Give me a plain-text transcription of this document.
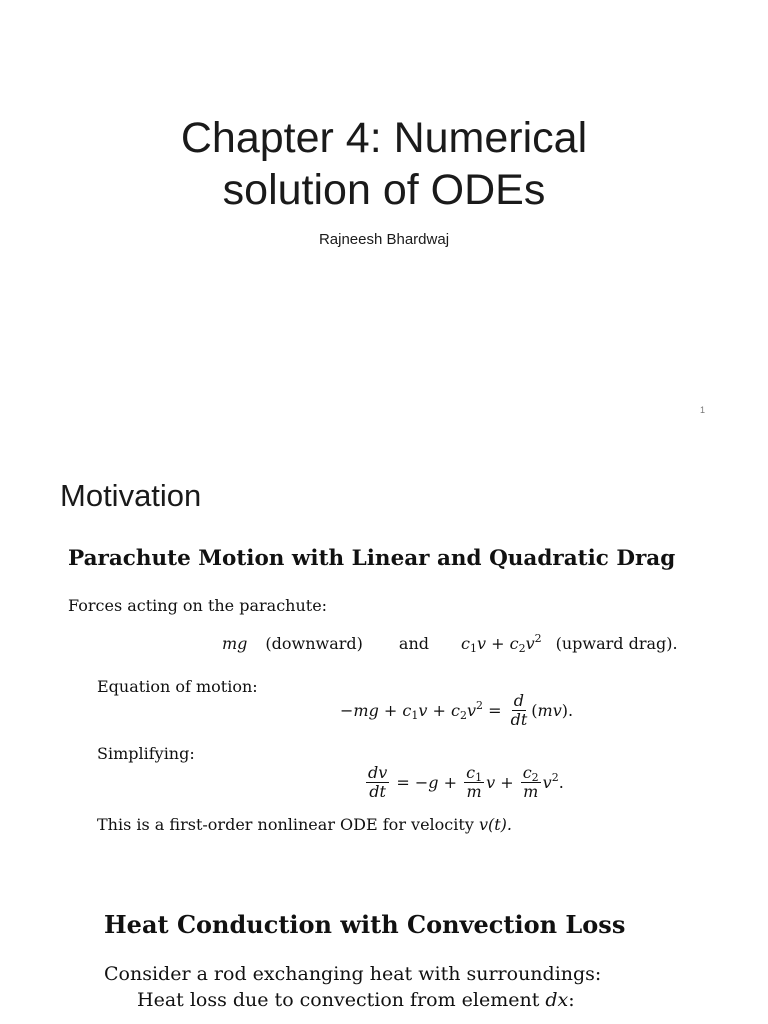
Chapter 4: Numerical
solution of ODEs
Rajneesh Bhardwaj
1
Motivation
Parachute Motion with Linear and Quadratic Drag
Forces acting on the parachute:
mg (downward) and $c_1v + c_2v^2$ (upward drag).
Equation of motion:
$-mg + c_1v + c_2v^2 = \frac{d}{dt} (mv)$.
Simplifying:
$\frac{dv}{dt} = -g + \frac{c_1}{m}$ $v + \frac{c_2}{m} v^2$.
This is a first-order nonlinear ODE for velocity v(t).
Heat Conduction with Convection Loss
Consider a rod exchanging heat with surroundings:
Heat loss due to convection from element dx:
